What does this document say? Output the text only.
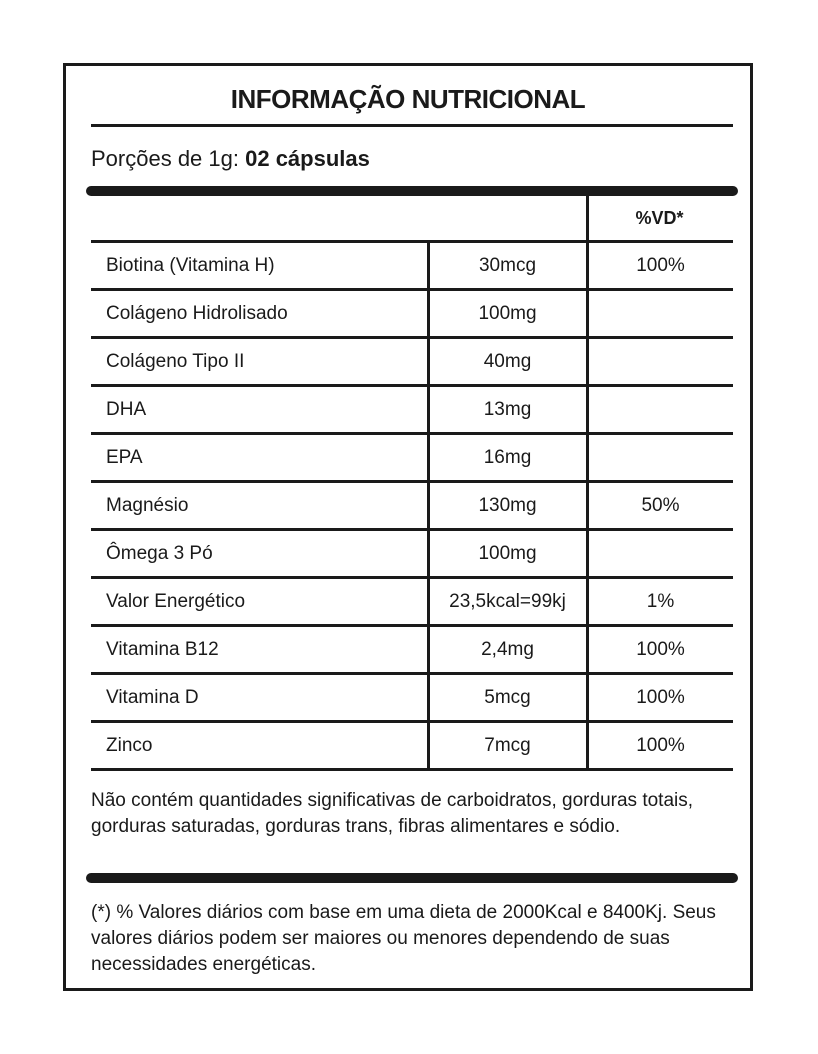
INFORMAÇÃO NUTRICIONAL
Porções de 1g: 02 cápsulas
%VD*
Não contém quantidades significativas de carboidratos, gorduras totais, gorduras saturadas, gorduras trans, fibras alimentares e sódio.
(*) % Valores diários com base em uma dieta de 2000Kcal e 8400Kj. Seus valores diários podem ser maiores ou menores dependendo de suas necessidades energéticas.
Biotina (Vitamina H)	30mcg	100%
Colágeno Hidrolisado	100mg
Colágeno Tipo II	40mg
DHA	13mg
EPA	16mg
Magnésio	130mg	50%
Ômega 3 Pó	100mg
Valor Energético	23,5kcal=99kj	1%
Vitamina B12	2,4mg	100%
Vitamina D	5mcg	100%
Zinco	7mcg	100%
